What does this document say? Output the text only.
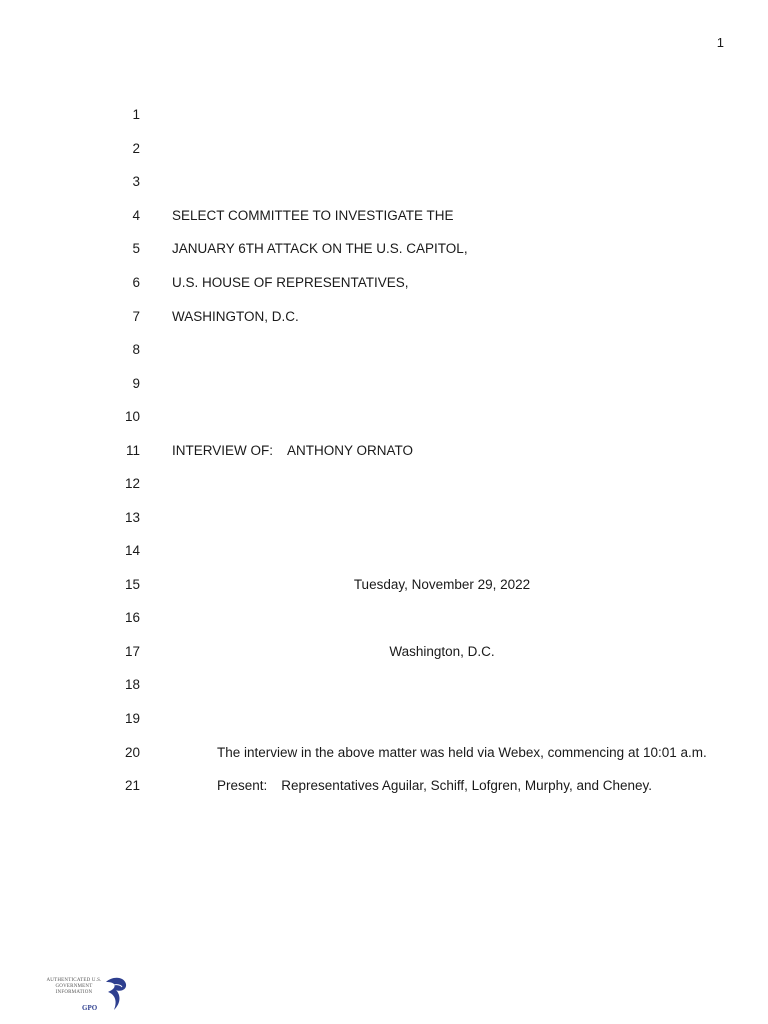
1
1
2
3
4 SELECT COMMITTEE TO INVESTIGATE THE
5 JANUARY 6TH ATTACK ON THE U.S. CAPITOL,
6 U.S. HOUSE OF REPRESENTATIVES,
7 WASHINGTON, D.C.
8
9
10
11 INTERVIEW OF: ANTHONY ORNATO
12
13
14
15	Tuesday, November 29, 2022
16
17	Washington, D.C.
18
19
20	The interview in the above matter was held via Webex, commencing at 10:01 a.m.
21	Present: Representatives Aguilar, Schiff, Lofgren, Murphy, and Cheney.
AUTHENTICATED U.S. GOVERNMENT INFORMATION
GPO
